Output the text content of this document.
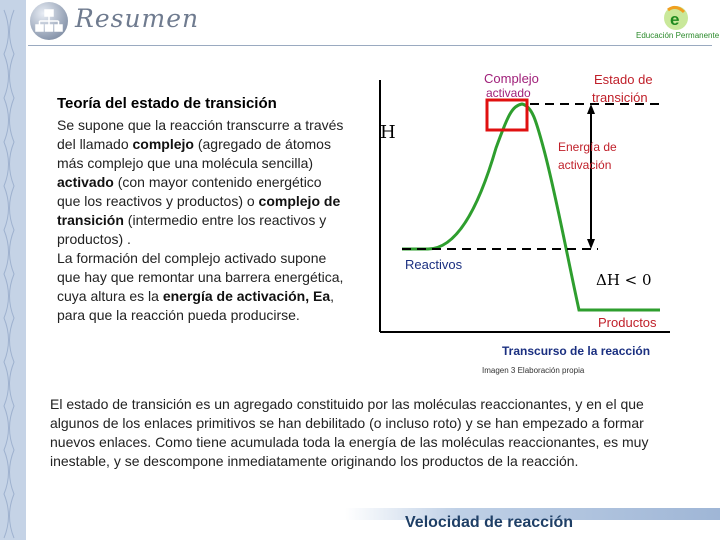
Resumen	e
Educación Permanente
Teoría del estado de transición
Se supone que la reacción transcurre a través del llamado complejo (agregado de átomos más complejo que una molécula sencilla) activado (con mayor contenido energético que los reactivos y productos) o complejo de transición (intermedio entre los reactivos y productos) .
La formación del complejo activado supone que hay que remontar una barrera energética, cuya altura es la energía de activación, Ea, para que la reacción pueda producirse.
H
Complejo
activado
Estado de
transición
Energía de
activación
Reactivos
ΔH < 0
Productos
Transcurso de la reacción
Imagen 3 Elaboración propia
El estado de transición es un agregado constituido por las moléculas reaccionantes, y en el que algunos de los enlaces primitivos se han debilitado (o incluso roto) y se han empezado a formar nuevos enlaces. Como tiene acumulada toda la energía de las moléculas reaccionantes, es muy inestable, y se descompone inmediatamente originando los productos de la reacción.
Velocidad de reacción
